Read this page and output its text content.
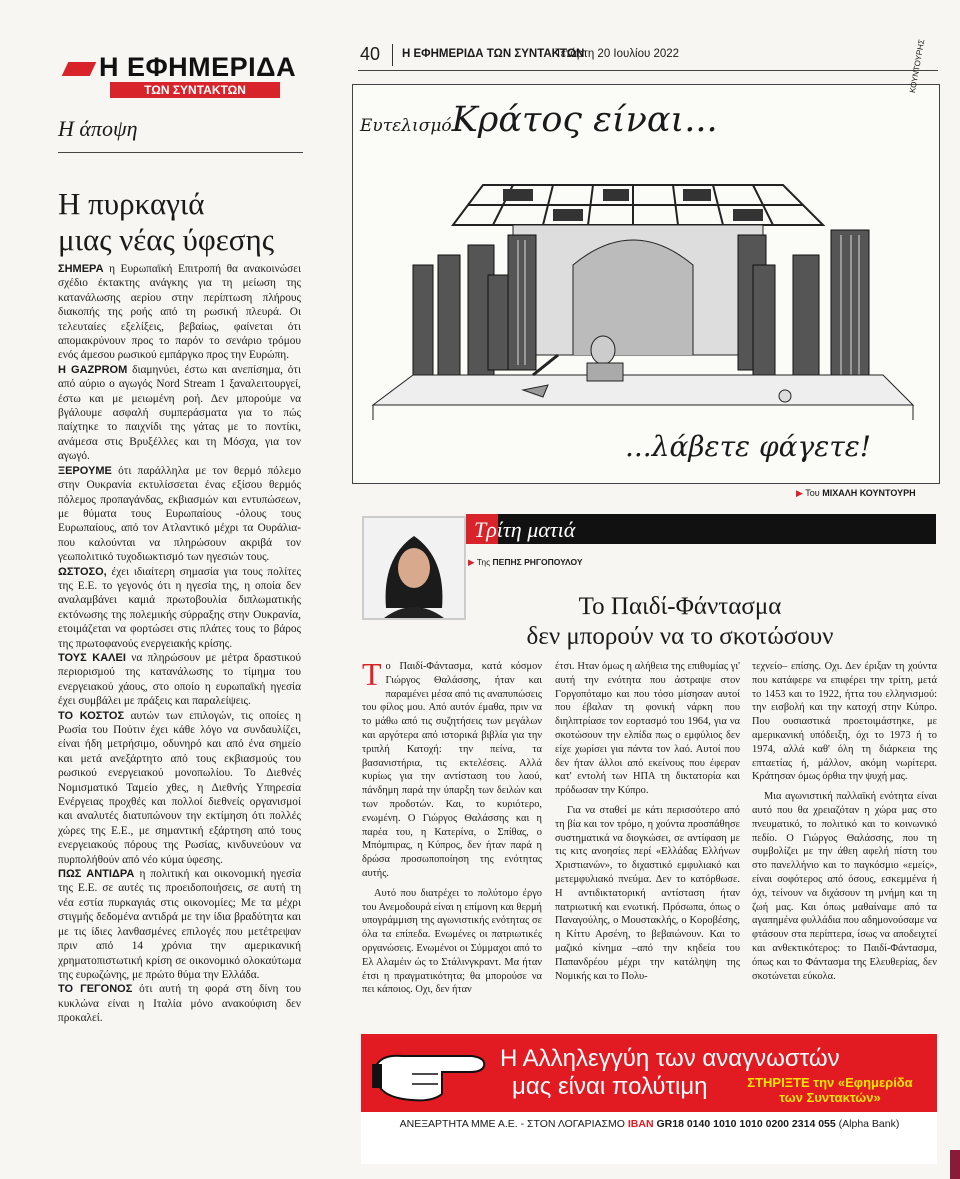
Η ΕΦΗΜΕΡΙΔΑ
ΤΩΝ ΣΥΝΤΑΚΤΩΝ
Η άποψη
Η πυρκαγιά
μιας νέας ύφεσης

ΣΗΜΕΡΑ η Ευρωπαϊκή Επιτροπή θα ανακοινώσει σχέδιο έκτακτης ανάγκης για τη μείωση της κατανάλωσης αερίου στην περίπτωση πλήρους διακοπής της ροής από τη ρωσική πλευρά. Οι τελευταίες εξελίξεις, βεβαίως, φαίνεται ότι απομακρύνουν προς το παρόν το σενάριο τρόμου ενός άμεσου ρωσικού εμπάργκο προς την Ευρώπη.

Η GAZPROM διαμηνύει, έστω και ανεπίσημα, ότι από αύριο ο αγωγός Nord Stream 1 ξαναλειτουργεί, έστω και με μειωμένη ροή. Δεν μπορούμε να βγάλουμε ασφαλή συμπεράσματα για το πώς παίχτηκε το παιχνίδι της γάτας με το ποντίκι, ανάμεσα στις Βρυξέλλες και τη Μόσχα, για τον αγωγό.

ΞΕΡΟΥΜΕ ότι παράλληλα με τον θερμό πόλεμο στην Ουκρανία εκτυλίσσεται ένας εξίσου θερμός πόλεμος προπαγάνδας, εκβιασμών και εντυπώσεων, με θύματα τους Ευρωπαίους -όλους τους Ευρωπαίους, από τον Ατλαντικό μέχρι τα Ουράλια- που καλούνται να πληρώσουν ακριβά τον γεωπολιτικό τυχοδιωκτισμό των ηγεσιών τους.

ΩΣΤΟΣΟ, έχει ιδιαίτερη σημασία για τους πολίτες της Ε.Ε. το γεγονός ότι η ηγεσία της, η οποία δεν αναλαμβάνει καμιά πρωτοβουλία διπλωματικής εκτόνωσης της πολεμικής σύρραξης στην Ουκρανία, ετοιμάζεται να φορτώσει στις πλάτες τους το βάρος της πρωτοφανούς ενεργειακής κρίσης.

ΤΟΥΣ ΚΑΛΕΙ να πληρώσουν με μέτρα δραστικού περιορισμού της κατανάλωσης το τίμημα του ενεργειακού χάους, στο οποίο η ευρωπαϊκή ηγεσία έχει συμβάλει με πράξεις και παραλείψεις.

ΤΟ ΚΟΣΤΟΣ αυτών των επιλογών, τις οποίες η Ρωσία του Πούτιν έχει κάθε λόγο να συνδαυλίζει, είναι ήδη μετρήσιμο, οδυνηρό και από ένα σημείο και μετά ανεξάρτητο από τους εκβιασμούς του ρωσικού ενεργειακού μονοπωλίου. Το Διεθνές Νομισματικό Ταμείο χθες, η Διεθνής Υπηρεσία Ενέργειας προχθές και πολλοί διεθνείς οργανισμοί και αναλυτές διατυπώνουν την εκτίμηση ότι πολλές χώρες της Ε.Ε., με σημαντική εξάρτηση από τους ενεργειακούς πόρους της Ρωσίας, κινδυνεύουν να πυρπολήθούν από νέο κύμα ύφεσης.

ΠΩΣ ΑΝΤΙΔΡΑ η πολιτική και οικονομική ηγεσία της Ε.Ε. σε αυτές τις προειδοποιήσεις, σε αυτή τη νέα εστία πυρκαγιάς στις οικονομίες; Με τα μέχρι στιγμής δεδομένα αντιδρά με την ίδια βραδύτητα και με τις ίδιες λανθασμένες επιλογές που μετέτρεψαν πριν από 14 χρόνια την αμερικανική χρηματοπιστωτική κρίση σε οικονομικό ολοκαύτωμα της ευρωζώνης, με πρώτο θύμα την Ελλάδα.

ΤΟ ΓΕΓΟΝΟΣ ότι αυτή τη φορά στη δίνη του κυκλώνα είναι η Ιταλία μόνο ανακούφιση δεν προκαλεί.

40 Η ΕΦΗΜΕΡΙΔΑ ΤΩΝ ΣΥΝΤΑΚΤΩΝ
Τετάρτη 20 Ιουλίου 2022
ΕυτελισμόΚράτος είναι...
ΚΟΥΝΤΟΥΡΗΣ
...λάβετε φάγετε!
▶ Του ΜΙΧΑΛΗ ΚΟΥΝΤΟΥΡΗ
Τρίτη ματιά
▶ Της ΠΕΠΗΣ ΡΗΓΟΠΟΥΛΟΥ
Το Παιδί-Φάντασμα
δεν μπορούν να το σκοτώσουν

Το Παιδί-Φάντασμα, κατά κόσμον Γιώργος Θαλάσσης, ήταν και παραμένει μέσα από τις αναπυπώσεις του φίλος μου. Από αυτόν έμαθα, πριν να το μάθω από τις συζητήσεις των μεγάλων και αργότερα από ιστορικά βιβλία για την τριπλή Κατοχή: την πείνα, τα βασανιστήρια, τις εκτελέσεις. Αλλά κυρίως για την αντίσταση του λαού, πάνδημη παρά την ύπαρξη των δειλών και των προδοτών. Και, το κυριότερο, ενωμένη. Ο Γιώργος Θαλάσσης και η παρέα του, η Κατερίνα, ο Σπίθας, ο Μπόμπιρας, η Κύπρος, δεν ήταν παρά η δρώσα προσωποποίηση της ενότητας αυτής.

Αυτό που διατρέχει το πολύτομο έργο του Ανεμοδουρά είναι η επίμονη και θερμή υπογράμμιση της αγωνιστικής ενότητας σε όλα τα επίπεδα. Ενωμένες οι πατριωτικές οργανώσεις. Ενωμένοι οι Σύμμαχοι από το Ελ Αλαμέιν ώς το Στάλινγκραντ. Μα ήταν έτσι η πραγματικότητα; θα μπορούσε να πει κάποιος. Οχι, δεν ήταν

έτσι. Ηταν όμως η αλήθεια της επιθυμίας γι' αυτή την ενότητα που άστραψε στον Γοργοπόταμο και που τόσο μίσησαν αυτοί που έβαλαν τη φονική νάρκη που διηλπτρίασε τον εορτασμό του 1964, για να σκοτώσουν την ελπίδα πως ο εμφύλιος δεν είχε χωρίσει για πάντα τον λαό. Αυτοί που δεν ήταν άλλοι από εκείνους που έφεραν κατ' εντολή των ΗΠΑ τη δικτατορία και πρόδωσαν την Κύπρο.

Για να σταθεί με κάτι περισσότερο από τη βία και τον τρόμο, η χούντα προσπάθησε συστηματικά να διογκώσει, σε αντίφαση με τις κιτς ανοησίες περί «Ελλάδας Ελλήνων Χριστιανών», το διχαστικό εμφυλιακό και μετεμφυλιακό πνεύμα. Δεν το κατόρθωσε. Η αντιδικτατορική αντίσταση ήταν πατριωτική και ενωτική. Πρόσωπα, όπως ο Παναγούλης, ο Μουστακλής, ο Κοροβέσης, η Κίττυ Αρσένη, το βεβαιώνουν. Και το μαζικό κίνημα –από την κηδεία του Παπανδρέου μέχρι την κατάληψη της Νομικής και το Πολυ-

τεχνείο– επίσης. Οχι. Δεν έριξαν τη χούντα που κατάφερε να επιφέρει την τρίτη, μετά το 1453 και το 1922, ήττα του ελληνισμού: την εισβολή και την κατοχή στην Κύπρο. Που ουσιαστικά προετοιμάστηκε, με αμερικανική υπόδειξη, όχι το 1973 ή το 1974, αλλά καθ' όλη τη διάρκεια της επταετίας ή, μάλλον, ακόμη νωρίτερα. Κράτησαν όμως όρθια την ψυχή μας.

Μια αγωνιστική παλλαϊκή ενότητα είναι αυτό που θα χρειαζόταν η χώρα μας στο πνευματικό, το πολιτικό και το κοινωνικό πεδίο. Ο Γιώργος Θαλάσσης, που τη συμβολίζει με την άθεη αφελή πίστη του στο πανελλήνιο και το παγκόσμιο «εμείς», είναι σοφότερος από όσους, εσκεμμένα ή όχι, τείνουν να διχάσουν τη μνήμη και τη ζωή μας. Και όπως μαθαίναμε από τα αγαπημένα φυλλάδια που αδημονούσαμε να φτάσουν στα περίπτερα, ίσως να αποδειχτεί και ανθεκτικότερος: το Παιδί-Φάντασμα, όπως και το Φάντασμα της Ελευθερίας, δεν σκοτώνεται εύκολα.

Η Αλληλεγγύη των αναγνωστών
μας είναι πολύτιμη	ΣΤΗΡΙΞΤΕ την «Εφημερίδα των Συντακτών»
ΑΝΕΞΑΡΤΗΤΑ ΜΜΕ Α.Ε. - ΣΤΟΝ ΛΟΓΑΡΙΑΣΜΟ IBAN GR18 0140 1010 1010 0200 2314 055 (Alpha Bank)
